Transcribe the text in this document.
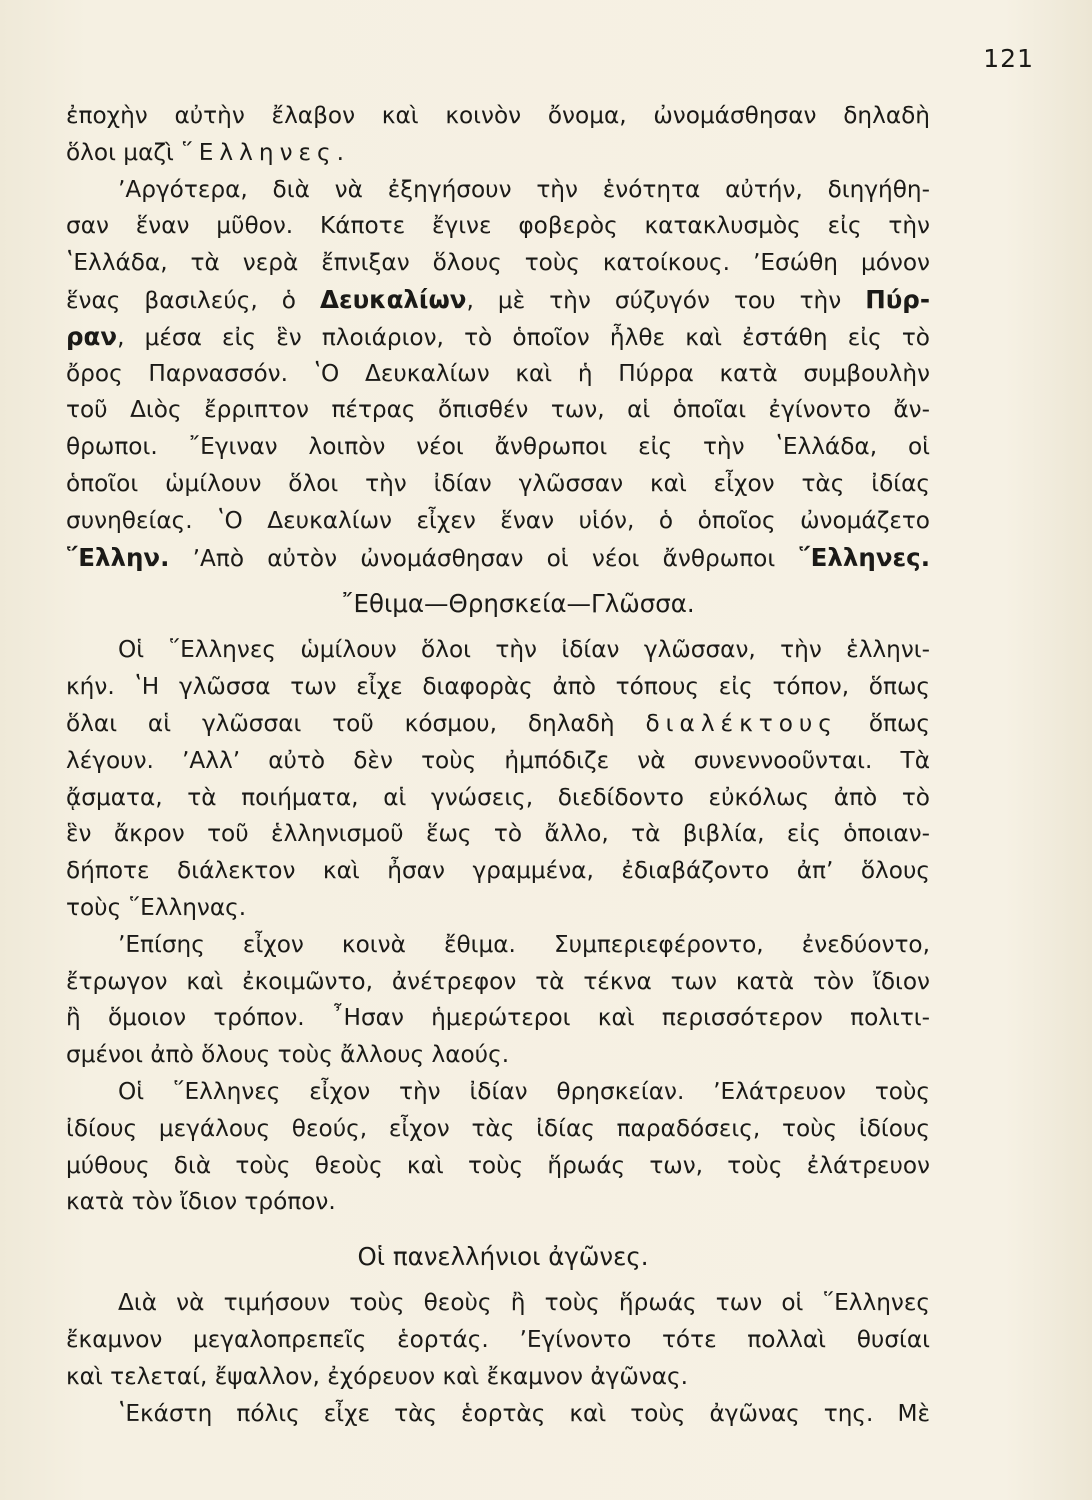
121
ἐποχὴν αὐτὴν ἔλαβον καὶ κοινὸν ὄνομα, ὠνομάσθησαν δηλαδὴ
ὅλοι μαζὶ ῞Ελληνες.
ʼΑργότερα, διὰ νὰ ἐξηγήσουν τὴν ἑνότητα αὐτήν, διηγήθη-
σαν ἕναν μῦθον. Κάποτε ἔγινε φοβερὸς κατακλυσμὸς εἰς τὴν
ʽΕλλάδα, τὰ νερὰ ἔπνιξαν ὅλους τοὺς κατοίκους. ʼΕσώθη μόνον
ἕνας βασιλεύς, ὁ Δευκαλίων, μὲ τὴν σύζυγόν του τὴν Πύρ-
ραν, μέσα εἰς ἓν πλοιάριον, τὸ ὁποῖον ἦλθε καὶ ἐστάθη εἰς τὸ
ὄρος Παρνασσόν. ʽΟ Δευκαλίων καὶ ἡ Πύρρα κατὰ συμβουλὴν
τοῦ Διὸς ἔρριπτον πέτρας ὄπισθέν των, αἱ ὁποῖαι ἐγίνοντο ἄν-
θρωποι. ῎Εγιναν λοιπὸν νέοι ἄνθρωποι εἰς τὴν ʽΕλλάδα, οἱ
ὁποῖοι ὡμίλουν ὅλοι τὴν ἰδίαν γλῶσσαν καὶ εἶχον τὰς ἰδίας
συνηθείας. ʽΟ Δευκαλίων εἶχεν ἕναν υἱόν, ὁ ὁποῖος ὠνομάζετο
῞Ελλην. ʼΑπὸ αὐτὸν ὠνομάσθησαν οἱ νέοι ἄνθρωποι ῞Ελληνες.
῎Εθιμα—Θρησκεία—Γλῶσσα.
Οἱ ῞Ελληνες ὡμίλουν ὅλοι τὴν ἰδίαν γλῶσσαν, τὴν ἑλληνι-
κήν. ʽΗ γλῶσσα των εἶχε διαφορὰς ἀπὸ τόπους εἰς τόπον, ὅπως
ὅλαι αἱ γλῶσσαι τοῦ κόσμου, δηλαδὴ διαλέκτους ὅπως
λέγουν. ʼΑλλʼ αὐτὸ δὲν τοὺς ἠμπόδιζε νὰ συνεννοοῦνται. Τὰ
ᾄσματα, τὰ ποιήματα, αἱ γνώσεις, διεδίδοντο εὐκόλως ἀπὸ τὸ
ἓν ἄκρον τοῦ ἑλληνισμοῦ ἕως τὸ ἄλλο, τὰ βιβλία, εἰς ὁποιαν-
δήποτε διάλεκτον καὶ ἦσαν γραμμένα, ἐδιαβάζοντο ἀπʼ ὅλους
τοὺς ῞Ελληνας.
ʼΕπίσης εἶχον κοινὰ ἔθιμα. Συμπεριεφέροντο, ἐνεδύοντο,
ἔτρωγον καὶ ἐκοιμῶντο, ἀνέτρεφον τὰ τέκνα των κατὰ τὸν ἴδιον
ἢ ὅμοιον τρόπον. ῏Ησαν ἡμερώτεροι καὶ περισσότερον πολιτι-
σμένοι ἀπὸ ὅλους τοὺς ἄλλους λαούς.
Οἱ ῞Ελληνες εἶχον τὴν ἰδίαν θρησκείαν. ʼΕλάτρευον τοὺς
ἰδίους μεγάλους θεούς, εἶχον τὰς ἰδίας παραδόσεις, τοὺς ἰδίους
μύθους διὰ τοὺς θεοὺς καὶ τοὺς ἥρωάς των, τοὺς ἐλάτρευον
κατὰ τὸν ἴδιον τρόπον.
Οἱ πανελλήνιοι ἀγῶνες.
Διὰ νὰ τιμήσουν τοὺς θεοὺς ἢ τοὺς ἥρωάς των οἱ ῞Ελληνες
ἔκαμνον μεγαλοπρεπεῖς ἑορτάς. ʼΕγίνοντο τότε πολλαὶ θυσίαι
καὶ τελεταί, ἔψαλλον, ἐχόρευον καὶ ἔκαμνον ἀγῶνας.
ʽΕκάστη πόλις εἶχε τὰς ἑορτὰς καὶ τοὺς ἀγῶνας της. Μὲ
